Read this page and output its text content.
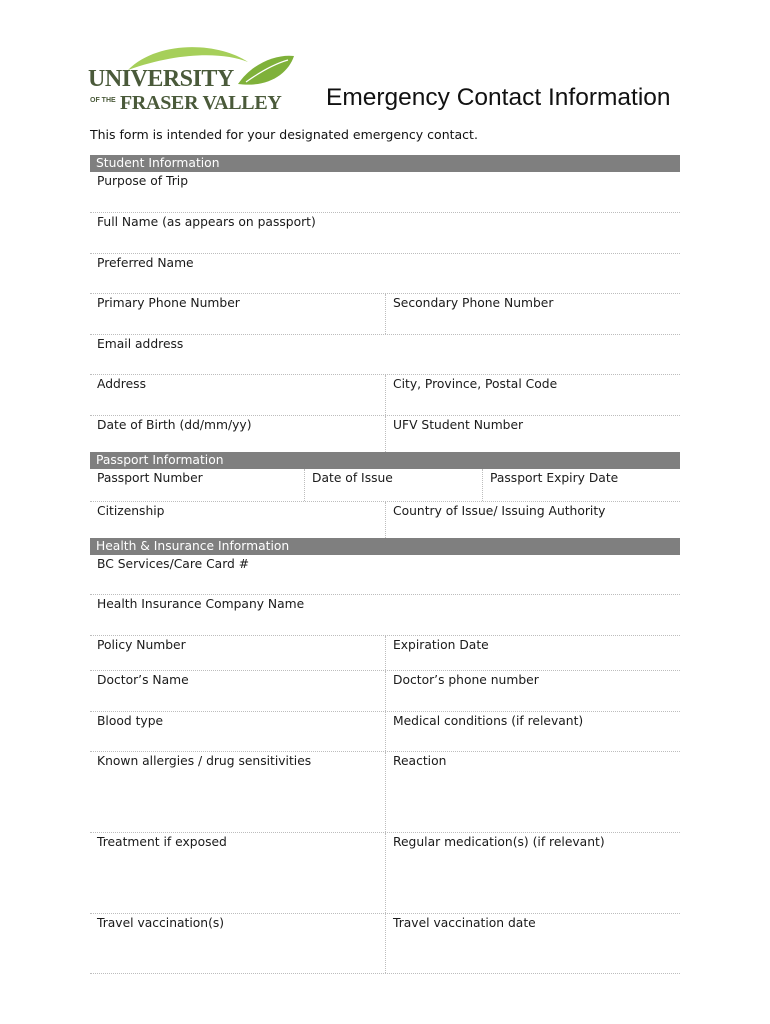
UNIVERSITY
OF THE FRASER VALLEY Emergency Contact Information
This form is intended for your designated emergency contact.
Student Information
Purpose of Trip
Full Name (as appears on passport)
Preferred Name
Primary Phone Number	Secondary Phone Number
Email address
Address	City, Province, Postal Code
Date of Birth (dd/mm/yy)	UFV Student Number
Passport Information
Passport Number	Date of Issue	Passport Expiry Date
Citizenship	Country of Issue/ Issuing Authority
Health & Insurance Information
BC Services/Care Card #
Health Insurance Company Name
Policy Number	Expiration Date
Doctor’s Name	Doctor’s phone number
Blood type	Medical conditions (if relevant)
Known allergies / drug sensitivities	Reaction
Treatment if exposed	Regular medication(s) (if relevant)
Travel vaccination(s)	Travel vaccination date
